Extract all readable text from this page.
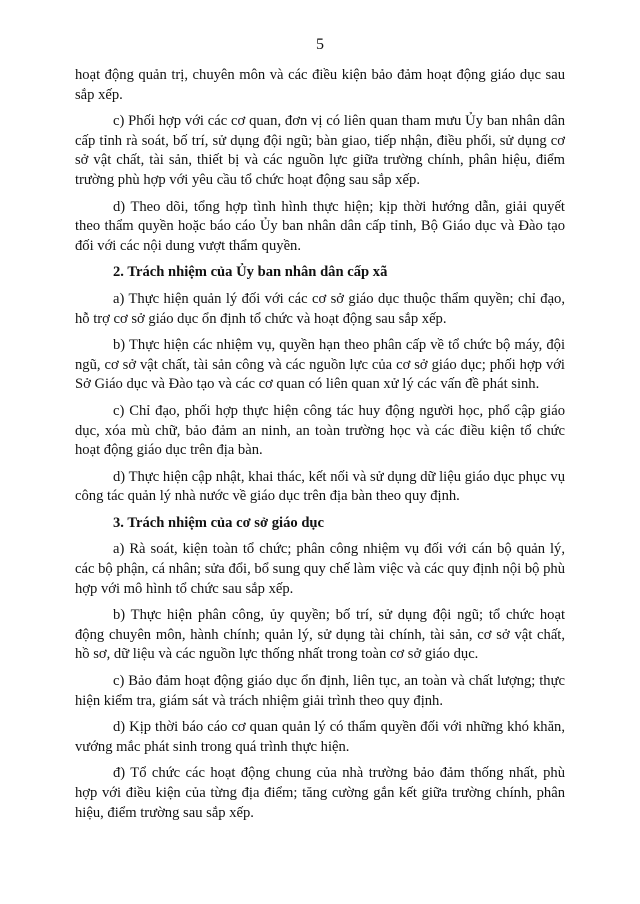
5

hoạt động quản trị, chuyên môn và các điều kiện bảo đảm hoạt động giáo dục sau sắp xếp.

c) Phối hợp với các cơ quan, đơn vị có liên quan tham mưu Ủy ban nhân dân cấp tỉnh rà soát, bố trí, sử dụng đội ngũ; bàn giao, tiếp nhận, điều phối, sử dụng cơ sở vật chất, tài sản, thiết bị và các nguồn lực giữa trường chính, phân hiệu, điểm trường phù hợp với yêu cầu tổ chức hoạt động sau sắp xếp.

d) Theo dõi, tổng hợp tình hình thực hiện; kịp thời hướng dẫn, giải quyết theo thẩm quyền hoặc báo cáo Ủy ban nhân dân cấp tỉnh, Bộ Giáo dục và Đào tạo đối với các nội dung vượt thẩm quyền.

2. Trách nhiệm của Ủy ban nhân dân cấp xã

a) Thực hiện quản lý đối với các cơ sở giáo dục thuộc thẩm quyền; chỉ đạo, hỗ trợ cơ sở giáo dục ổn định tổ chức và hoạt động sau sắp xếp.

b) Thực hiện các nhiệm vụ, quyền hạn theo phân cấp về tổ chức bộ máy, đội ngũ, cơ sở vật chất, tài sản công và các nguồn lực của cơ sở giáo dục; phối hợp với Sở Giáo dục và Đào tạo và các cơ quan có liên quan xử lý các vấn đề phát sinh.

c) Chỉ đạo, phối hợp thực hiện công tác huy động người học, phổ cập giáo dục, xóa mù chữ, bảo đảm an ninh, an toàn trường học và các điều kiện tổ chức hoạt động giáo dục trên địa bàn.

d) Thực hiện cập nhật, khai thác, kết nối và sử dụng dữ liệu giáo dục phục vụ công tác quản lý nhà nước về giáo dục trên địa bàn theo quy định.

3. Trách nhiệm của cơ sở giáo dục

a) Rà soát, kiện toàn tổ chức; phân công nhiệm vụ đối với cán bộ quản lý, các bộ phận, cá nhân; sửa đổi, bổ sung quy chế làm việc và các quy định nội bộ phù hợp với mô hình tổ chức sau sắp xếp.

b) Thực hiện phân công, ủy quyền; bố trí, sử dụng đội ngũ; tổ chức hoạt động chuyên môn, hành chính; quản lý, sử dụng tài chính, tài sản, cơ sở vật chất, hồ sơ, dữ liệu và các nguồn lực thống nhất trong toàn cơ sở giáo dục.

c) Bảo đảm hoạt động giáo dục ổn định, liên tục, an toàn và chất lượng; thực hiện kiểm tra, giám sát và trách nhiệm giải trình theo quy định.

d) Kịp thời báo cáo cơ quan quản lý có thẩm quyền đối với những khó khăn, vướng mắc phát sinh trong quá trình thực hiện.

đ) Tổ chức các hoạt động chung của nhà trường bảo đảm thống nhất, phù hợp với điều kiện của từng địa điểm; tăng cường gắn kết giữa trường chính, phân hiệu, điểm trường sau sắp xếp.
